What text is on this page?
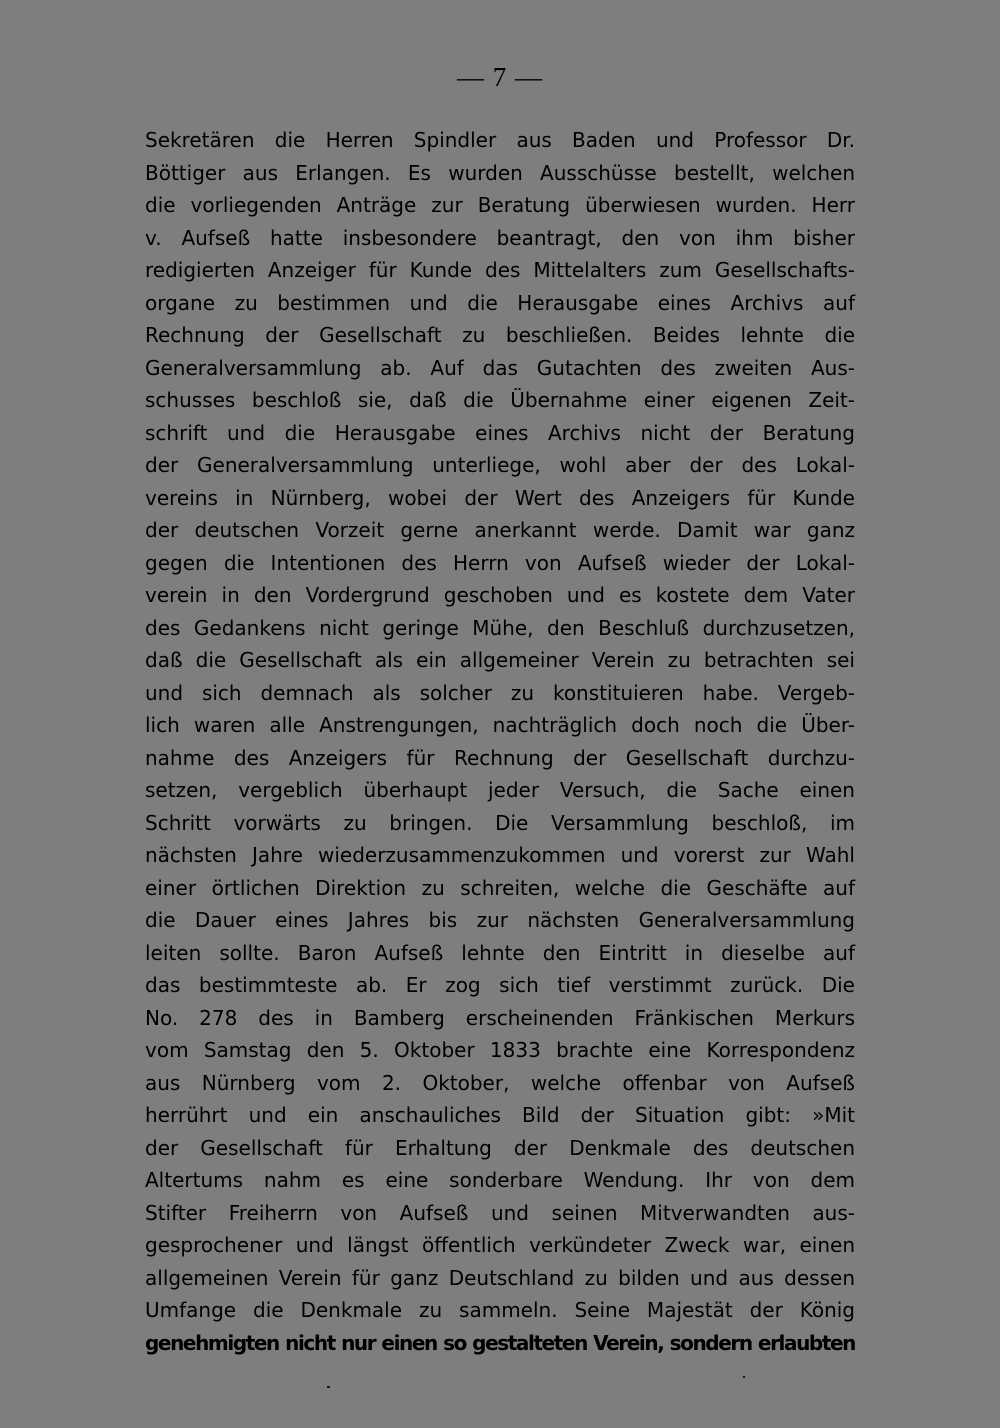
— 7 —
Sekretären die Herren Spindler aus Baden und Professor Dr.
Böttiger aus Erlangen. Es wurden Ausschüsse bestellt, welchen
die vorliegenden Anträge zur Beratung überwiesen wurden. Herr
v. Aufseß hatte insbesondere beantragt, den von ihm bisher
redigierten Anzeiger für Kunde des Mittelalters zum Gesellschafts-
organe zu bestimmen und die Herausgabe eines Archivs auf
Rechnung der Gesellschaft zu beschließen. Beides lehnte die
Generalversammlung ab. Auf das Gutachten des zweiten Aus-
schusses beschloß sie, daß die Übernahme einer eigenen Zeit-
schrift und die Herausgabe eines Archivs nicht der Beratung
der Generalversammlung unterliege, wohl aber der des Lokal-
vereins in Nürnberg, wobei der Wert des Anzeigers für Kunde
der deutschen Vorzeit gerne anerkannt werde. Damit war ganz
gegen die Intentionen des Herrn von Aufseß wieder der Lokal-
verein in den Vordergrund geschoben und es kostete dem Vater
des Gedankens nicht geringe Mühe, den Beschluß durchzusetzen,
daß die Gesellschaft als ein allgemeiner Verein zu betrachten sei
und sich demnach als solcher zu konstituieren habe. Vergeb-
lich waren alle Anstrengungen, nachträglich doch noch die Über-
nahme des Anzeigers für Rechnung der Gesellschaft durchzu-
setzen, vergeblich überhaupt jeder Versuch, die Sache einen
Schritt vorwärts zu bringen. Die Versammlung beschloß, im
nächsten Jahre wiederzusammenzukommen und vorerst zur Wahl
einer örtlichen Direktion zu schreiten, welche die Geschäfte auf
die Dauer eines Jahres bis zur nächsten Generalversammlung
leiten sollte. Baron Aufseß lehnte den Eintritt in dieselbe auf
das bestimmteste ab. Er zog sich tief verstimmt zurück. Die
No. 278 des in Bamberg erscheinenden Fränkischen Merkurs
vom Samstag den 5. Oktober 1833 brachte eine Korrespondenz
aus Nürnberg vom 2. Oktober, welche offenbar von Aufseß
herrührt und ein anschauliches Bild der Situation gibt: »Mit
der Gesellschaft für Erhaltung der Denkmale des deutschen
Altertums nahm es eine sonderbare Wendung. Ihr von dem
Stifter Freiherrn von Aufseß und seinen Mitverwandten aus-
gesprochener und längst öffentlich verkündeter Zweck war, einen
allgemeinen Verein für ganz Deutschland zu bilden und aus dessen
Umfange die Denkmale zu sammeln. Seine Majestät der König
genehmigten nicht nur einen so gestalteten Verein, sondern erlaubten
